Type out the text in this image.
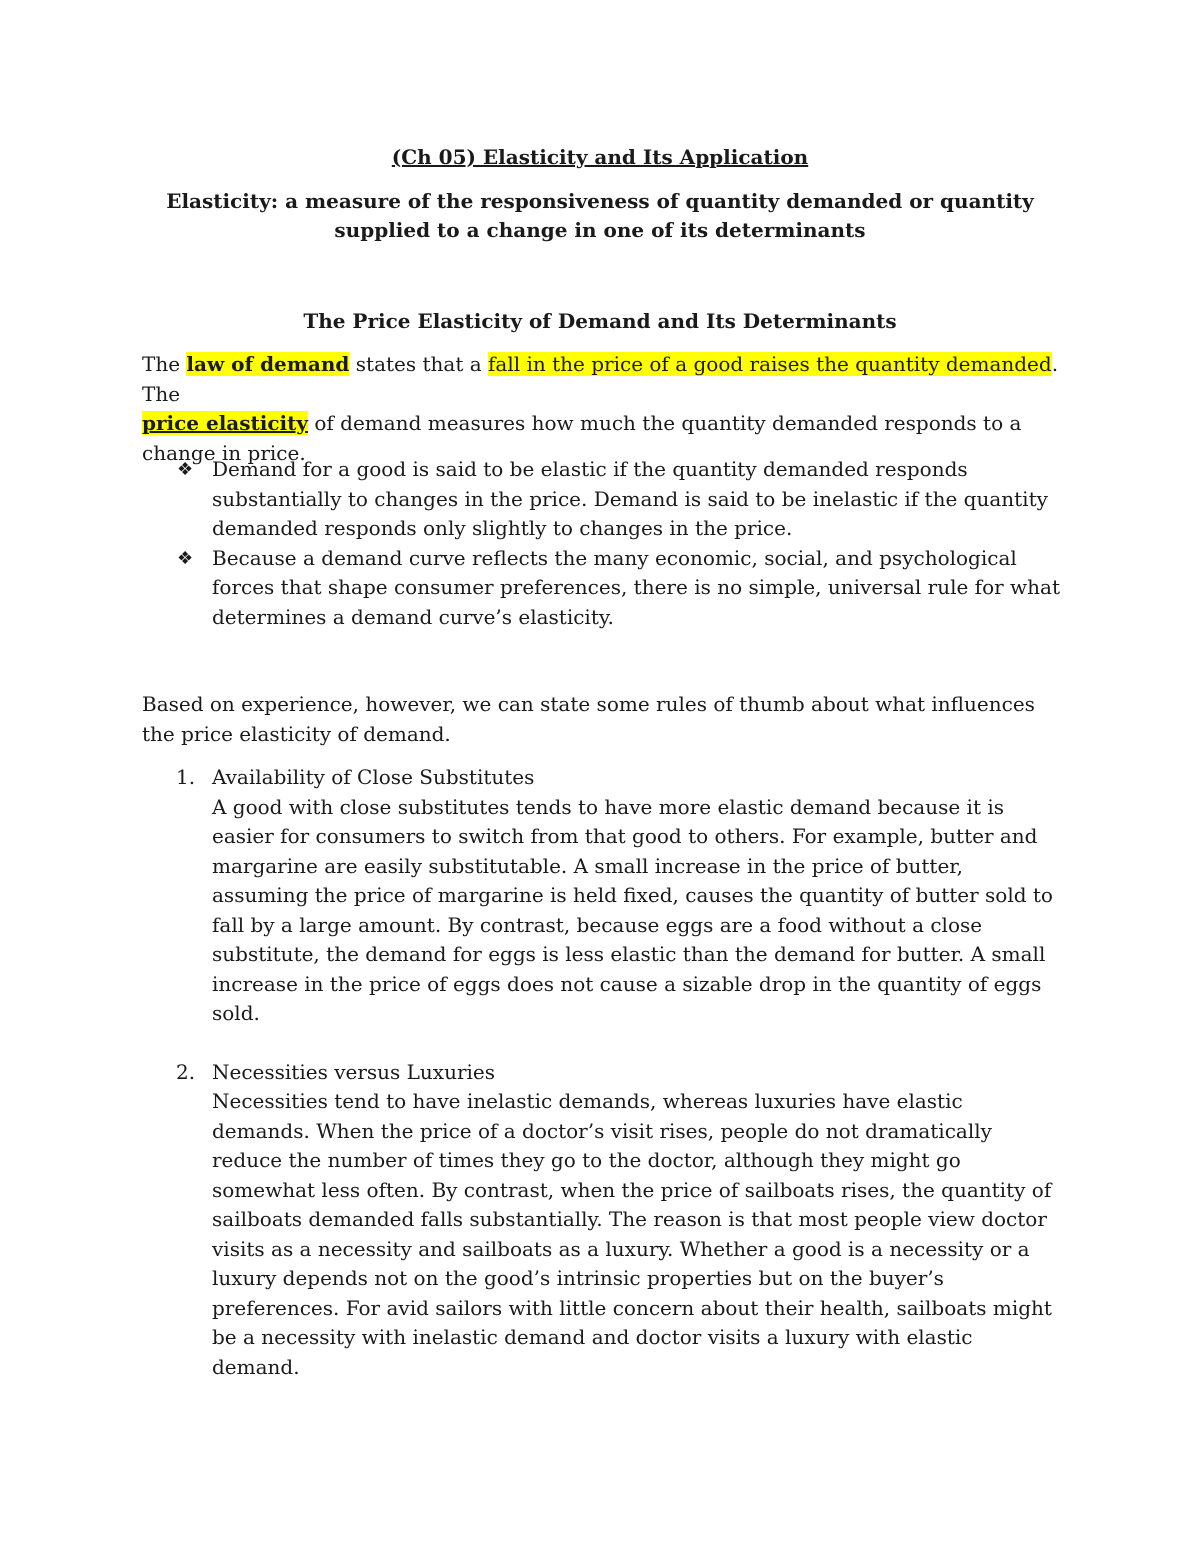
(Ch 05) Elasticity and Its Application
Elasticity: a measure of the responsiveness of quantity demanded or quantity supplied to a change in one of its determinants
The Price Elasticity of Demand and Its Determinants
The law of demand states that a fall in the price of a good raises the quantity demanded. The
price elasticity of demand measures how much the quantity demanded responds to a change in price.
❖ Demand for a good is said to be elastic if the quantity demanded responds substantially to changes in the price. Demand is said to be inelastic if the quantity demanded responds only slightly to changes in the price.
❖ Because a demand curve reflects the many economic, social, and psychological forces that shape consumer preferences, there is no simple, universal rule for what determines a demand curve’s elasticity.
Based on experience, however, we can state some rules of thumb about what influences the price elasticity of demand.
1. Availability of Close Substitutes
A good with close substitutes tends to have more elastic demand because it is easier for consumers to switch from that good to others. For example, butter and margarine are easily substitutable. A small increase in the price of butter, assuming the price of margarine is held fixed, causes the quantity of butter sold to fall by a large amount. By contrast, because eggs are a food without a close substitute, the demand for eggs is less elastic than the demand for butter. A small increase in the price of eggs does not cause a sizable drop in the quantity of eggs sold.
2. Necessities versus Luxuries
Necessities tend to have inelastic demands, whereas luxuries have elastic demands. When the price of a doctor’s visit rises, people do not dramatically reduce the number of times they go to the doctor, although they might go somewhat less often. By contrast, when the price of sailboats rises, the quantity of sailboats demanded falls substantially. The reason is that most people view doctor visits as a necessity and sailboats as a luxury. Whether a good is a necessity or a luxury depends not on the good’s intrinsic properties but on the buyer’s preferences. For avid sailors with little concern about their health, sailboats might be a necessity with inelastic demand and doctor visits a luxury with elastic demand.
